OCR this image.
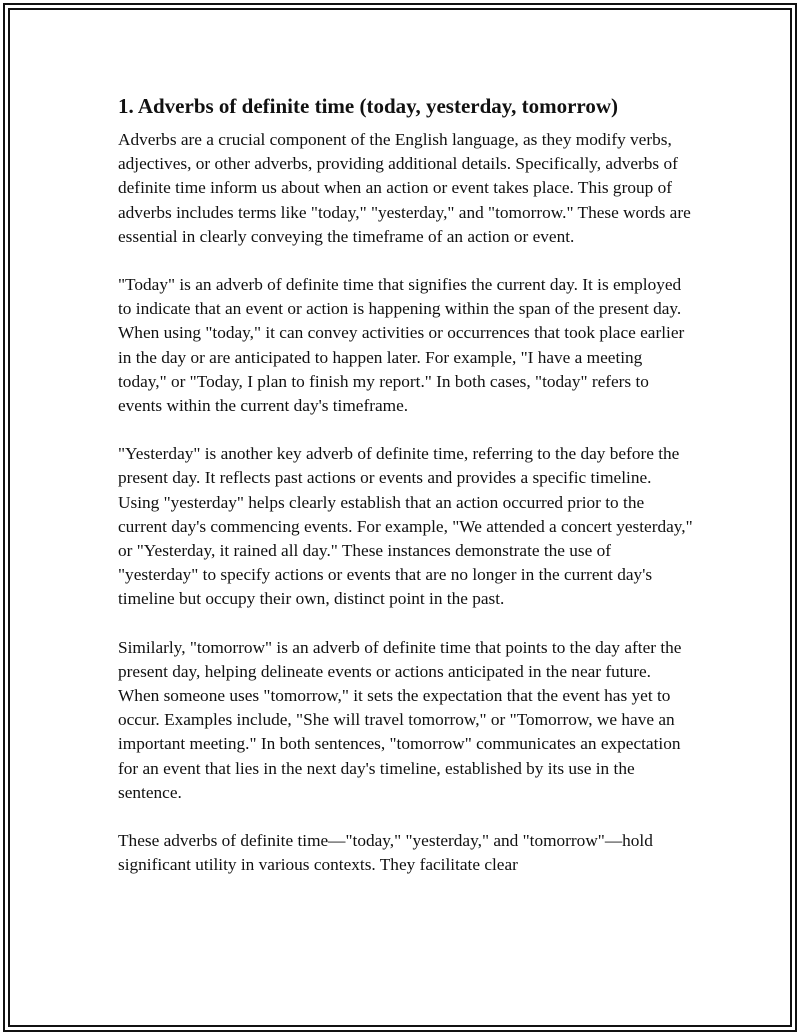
1. Adverbs of definite time (today, yesterday, tomorrow)

Adverbs are a crucial component of the English language, as they modify verbs, adjectives, or other adverbs, providing additional details. Specifically, adverbs of definite time inform us about when an action or event takes place. This group of adverbs includes terms like "today," "yesterday," and "tomorrow." These words are essential in clearly conveying the timeframe of an action or event.

"Today" is an adverb of definite time that signifies the current day. It is employed to indicate that an event or action is happening within the span of the present day. When using "today," it can convey activities or occurrences that took place earlier in the day or are anticipated to happen later. For example, "I have a meeting today," or "Today, I plan to finish my report." In both cases, "today" refers to events within the current day's timeframe.

"Yesterday" is another key adverb of definite time, referring to the day before the present day. It reflects past actions or events and provides a specific timeline. Using "yesterday" helps clearly establish that an action occurred prior to the current day's commencing events. For example, "We attended a concert yesterday," or "Yesterday, it rained all day." These instances demonstrate the use of "yesterday" to specify actions or events that are no longer in the current day's timeline but occupy their own, distinct point in the past.

Similarly, "tomorrow" is an adverb of definite time that points to the day after the present day, helping delineate events or actions anticipated in the near future. When someone uses "tomorrow," it sets the expectation that the event has yet to occur. Examples include, "She will travel tomorrow," or "Tomorrow, we have an important meeting." In both sentences, "tomorrow" communicates an expectation for an event that lies in the next day's timeline, established by its use in the sentence.

These adverbs of definite time—"today," "yesterday," and "tomorrow"—hold significant utility in various contexts. They facilitate clear
